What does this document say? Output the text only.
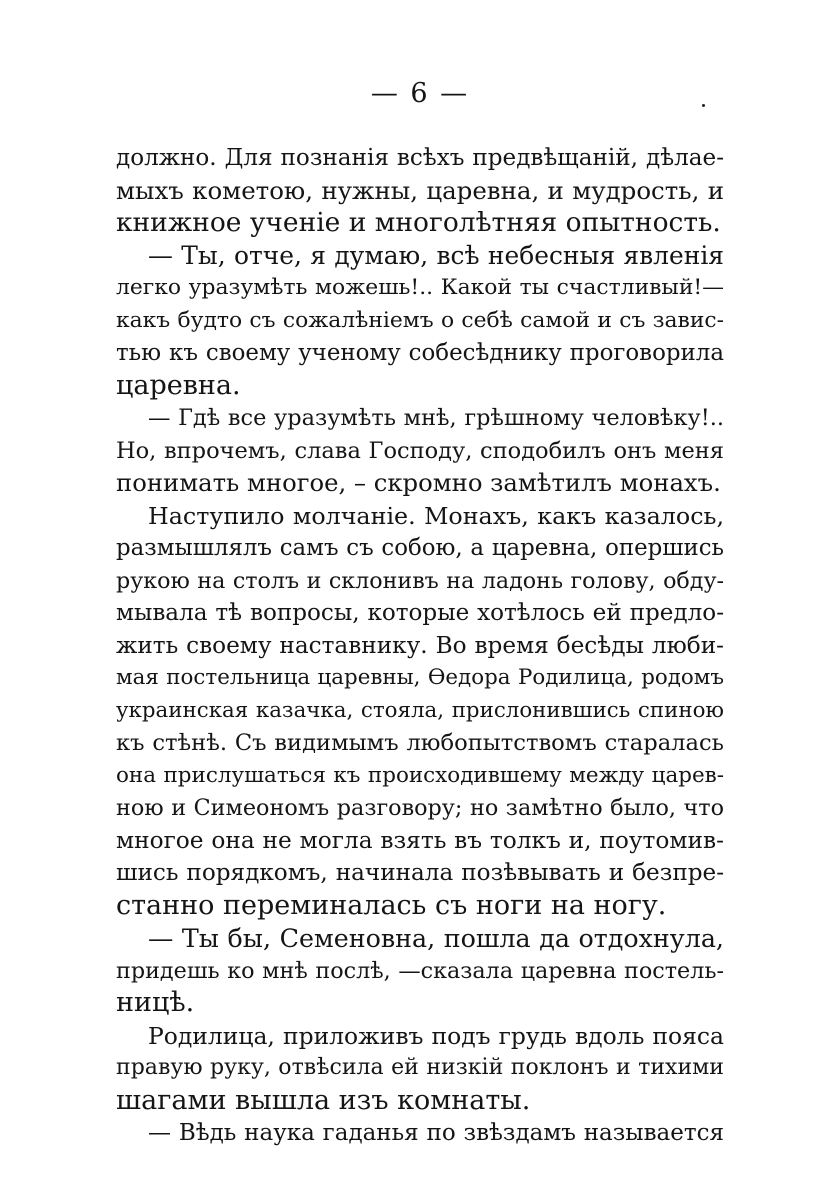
— 6 —
должно. Для познанія всѣхъ предвѣщаній, дѣлае-
мыхъ кометою, нужны, царевна, и мудрость, и
книжное ученіе и многолѣтняя опытность.
— Ты, отче, я думаю, всѣ небесныя явленія
легко уразумѣть можешь!.. Какой ты счастливый!—
какъ будто съ сожалѣніемъ о себѣ самой и съ завис-
тью къ своему ученому собесѣднику проговорила
царевна.
— Гдѣ все уразумѣть мнѣ, грѣшному человѣку!..
Но, впрочемъ, слава Господу, сподобилъ онъ меня
понимать многое, – скромно замѣтилъ монахъ.
Наступило молчаніе. Монахъ, какъ казалось,
размышлялъ самъ съ собою, а царевна, опершись
рукою на столъ и склонивъ на ладонь голову, обду-
мывала тѣ вопросы, которые хотѣлось ей предло-
жить своему наставнику. Во время бесѣды люби-
мая постельница царевны, Ѳедора Родилица, родомъ
украинская казачка, стояла, прислонившись спиною
къ стѣнѣ. Съ видимымъ любопытствомъ старалась
она прислушаться къ происходившему между царев-
ною и Симеономъ разговору; но замѣтно было, что
многое она не могла взять въ толкъ и, поутомив-
шись порядкомъ, начинала позѣвывать и безпре-
станно переминалась съ ноги на ногу.
— Ты бы, Семеновна, пошла да отдохнула,
придешь ко мнѣ послѣ, —сказала царевна постель-
ницѣ.
Родилица, приложивъ подъ грудь вдоль пояса
правую руку, отвѣсила ей низкій поклонъ и тихими
шагами вышла изъ комнаты.
— Вѣдь наука гаданья по звѣздамъ называется
